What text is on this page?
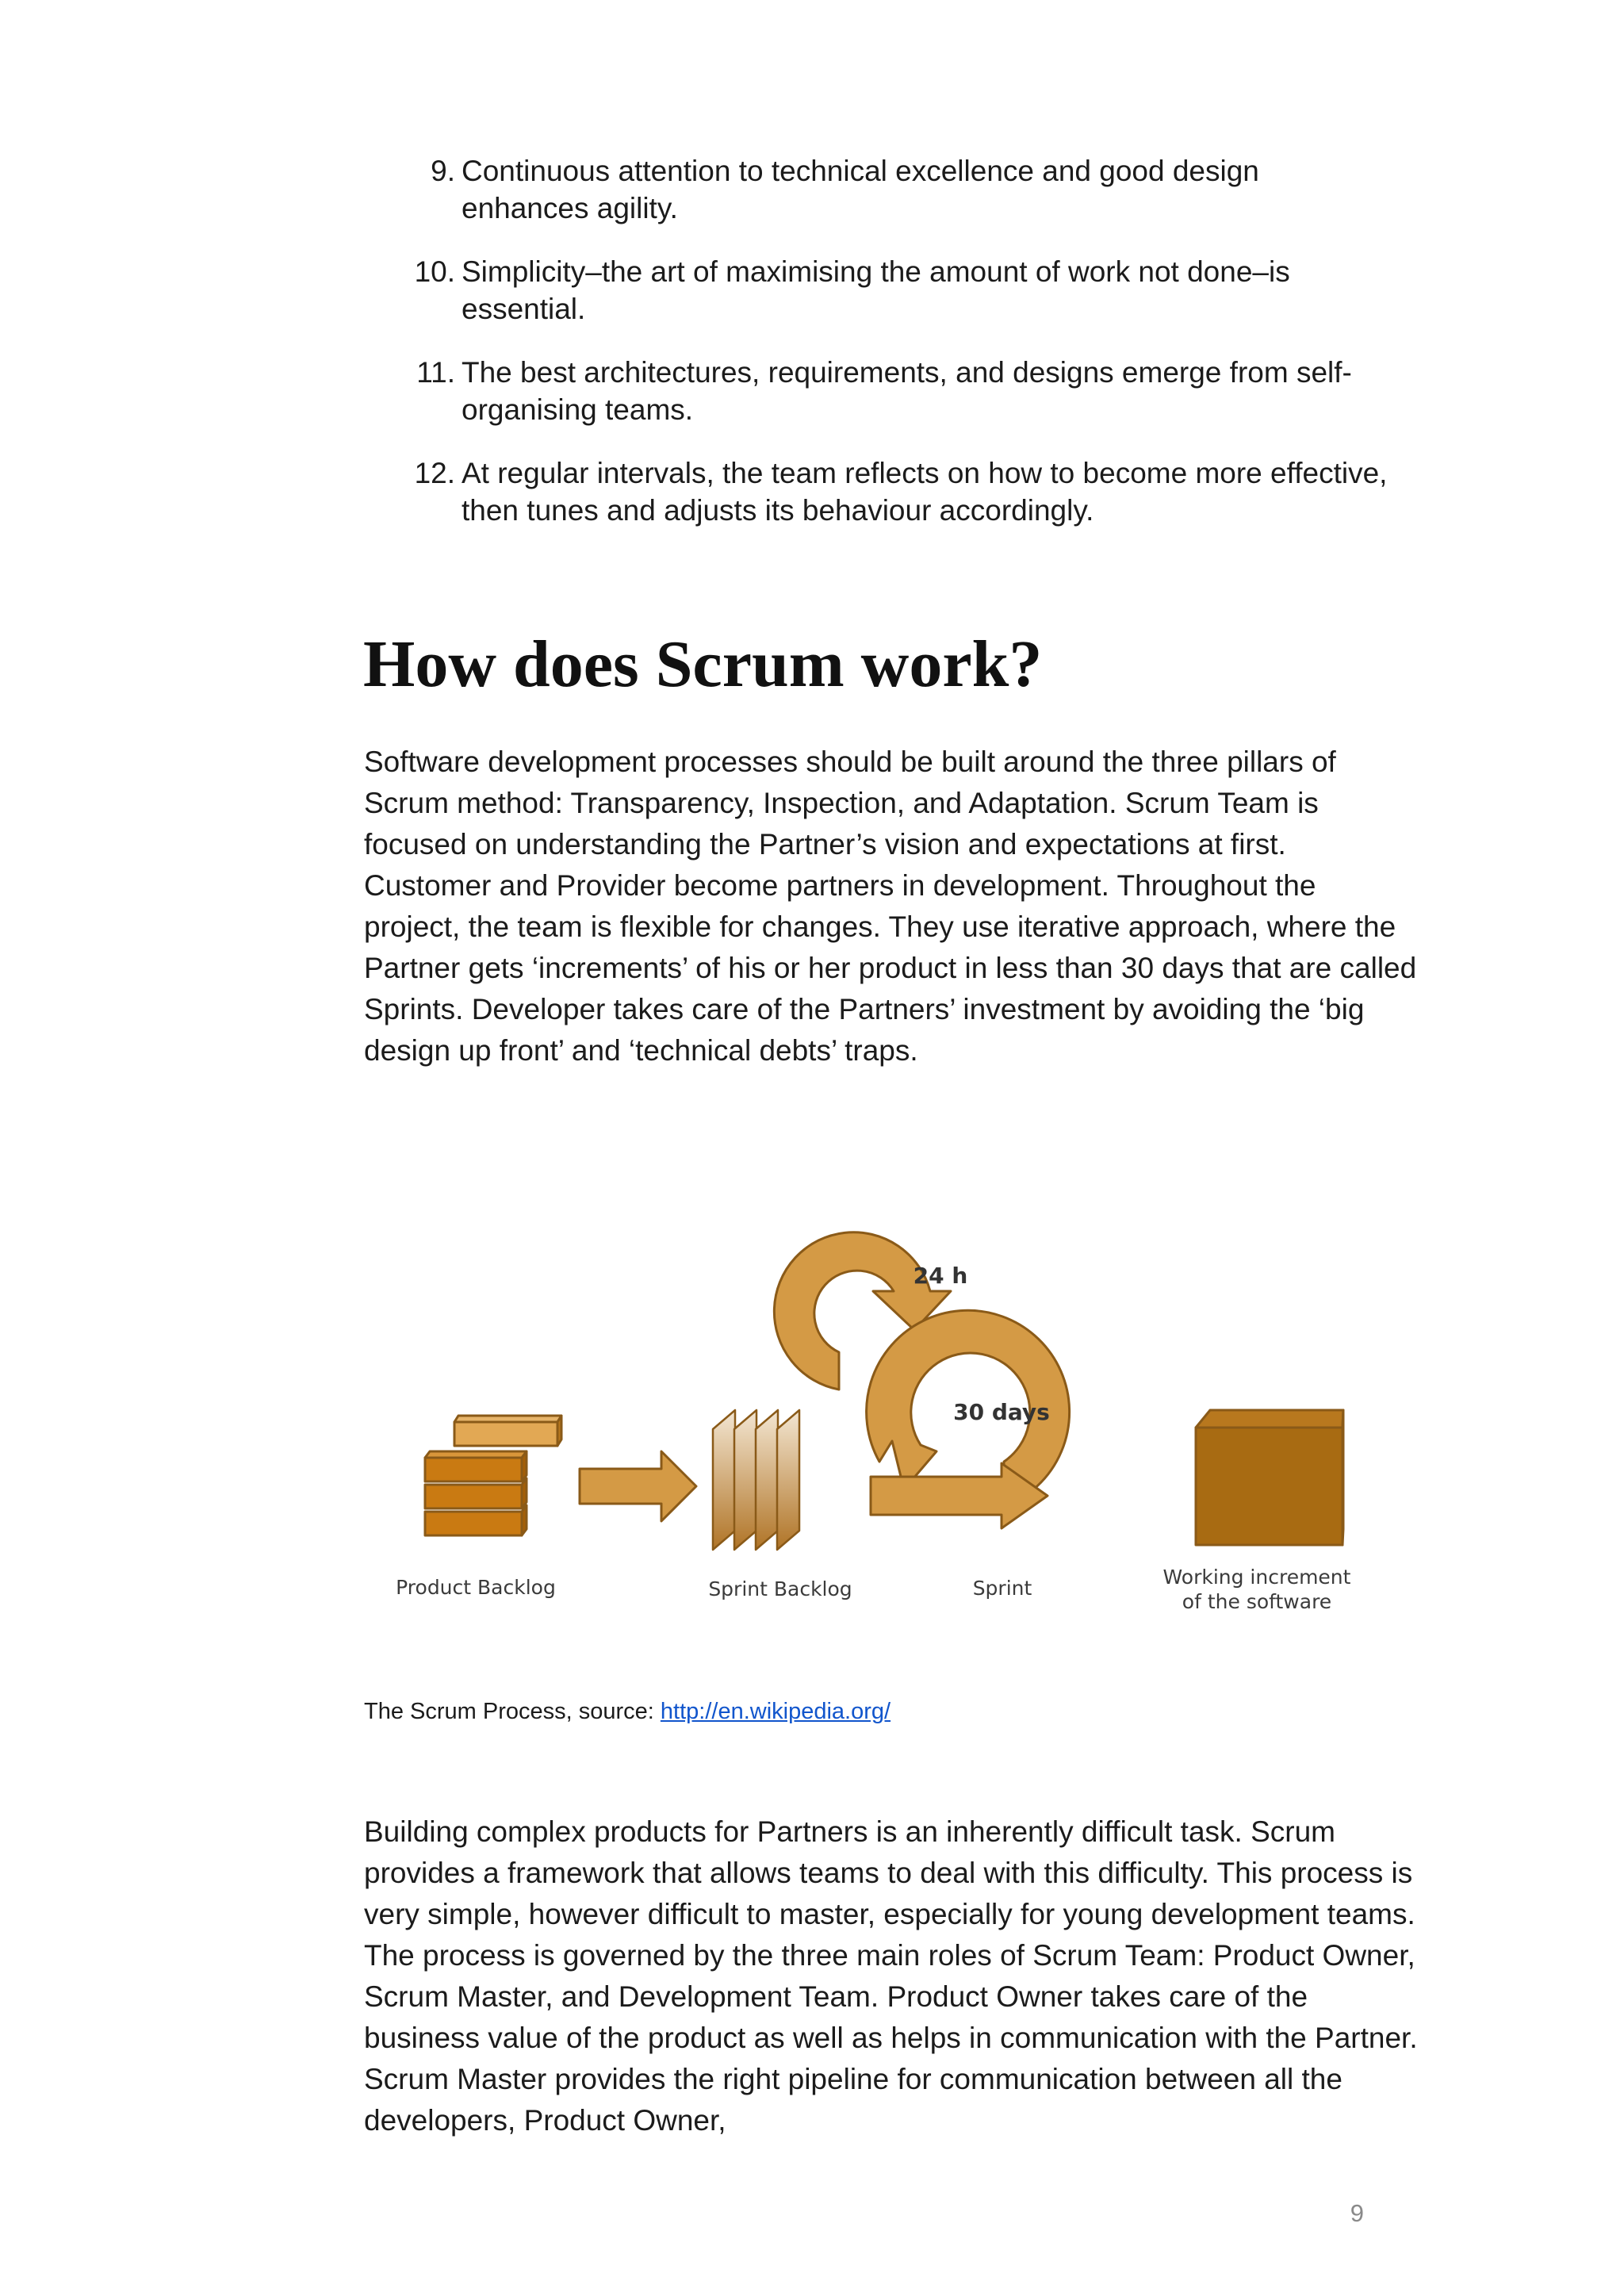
9. Continuous attention to technical excellence and good design enhances agility.
10. Simplicity–the art of maximising the amount of work not done–is essential.
11. The best architectures, requirements, and designs emerge from self-organising teams.
12. At regular intervals, the team reflects on how to become more effective, then tunes and adjusts its behaviour accordingly.
How does Scrum work?

Software development processes should be built around the three pillars of Scrum method: Transparency, Inspection, and Adaptation. Scrum Team is focused on understanding the Partner’s vision and expectations at first. Customer and Provider become partners in development. Throughout the project, the team is flexible for changes. They use iterative approach, where the Partner gets ‘increments’ of his or her product in less than 30 days that are called Sprints. Developer takes care of the Partners’ investment by avoiding the ‘big design up front’ and ‘technical debts’ traps.

24 h
30 days
Product Backlog	Sprint Backlog	Sprint	Working increment
of the software
The Scrum Process, source: http://en.wikipedia.org/

Building complex products for Partners is an inherently difficult task. Scrum provides a framework that allows teams to deal with this difficulty. This process is very simple, however difficult to master, especially for young development teams. The process is governed by the three main roles of Scrum Team: Product Owner, Scrum Master, and Development Team. Product Owner takes care of the business value of the product as well as helps in communication with the Partner. Scrum Master provides the right pipeline for communication between all the developers, Product Owner,

9
